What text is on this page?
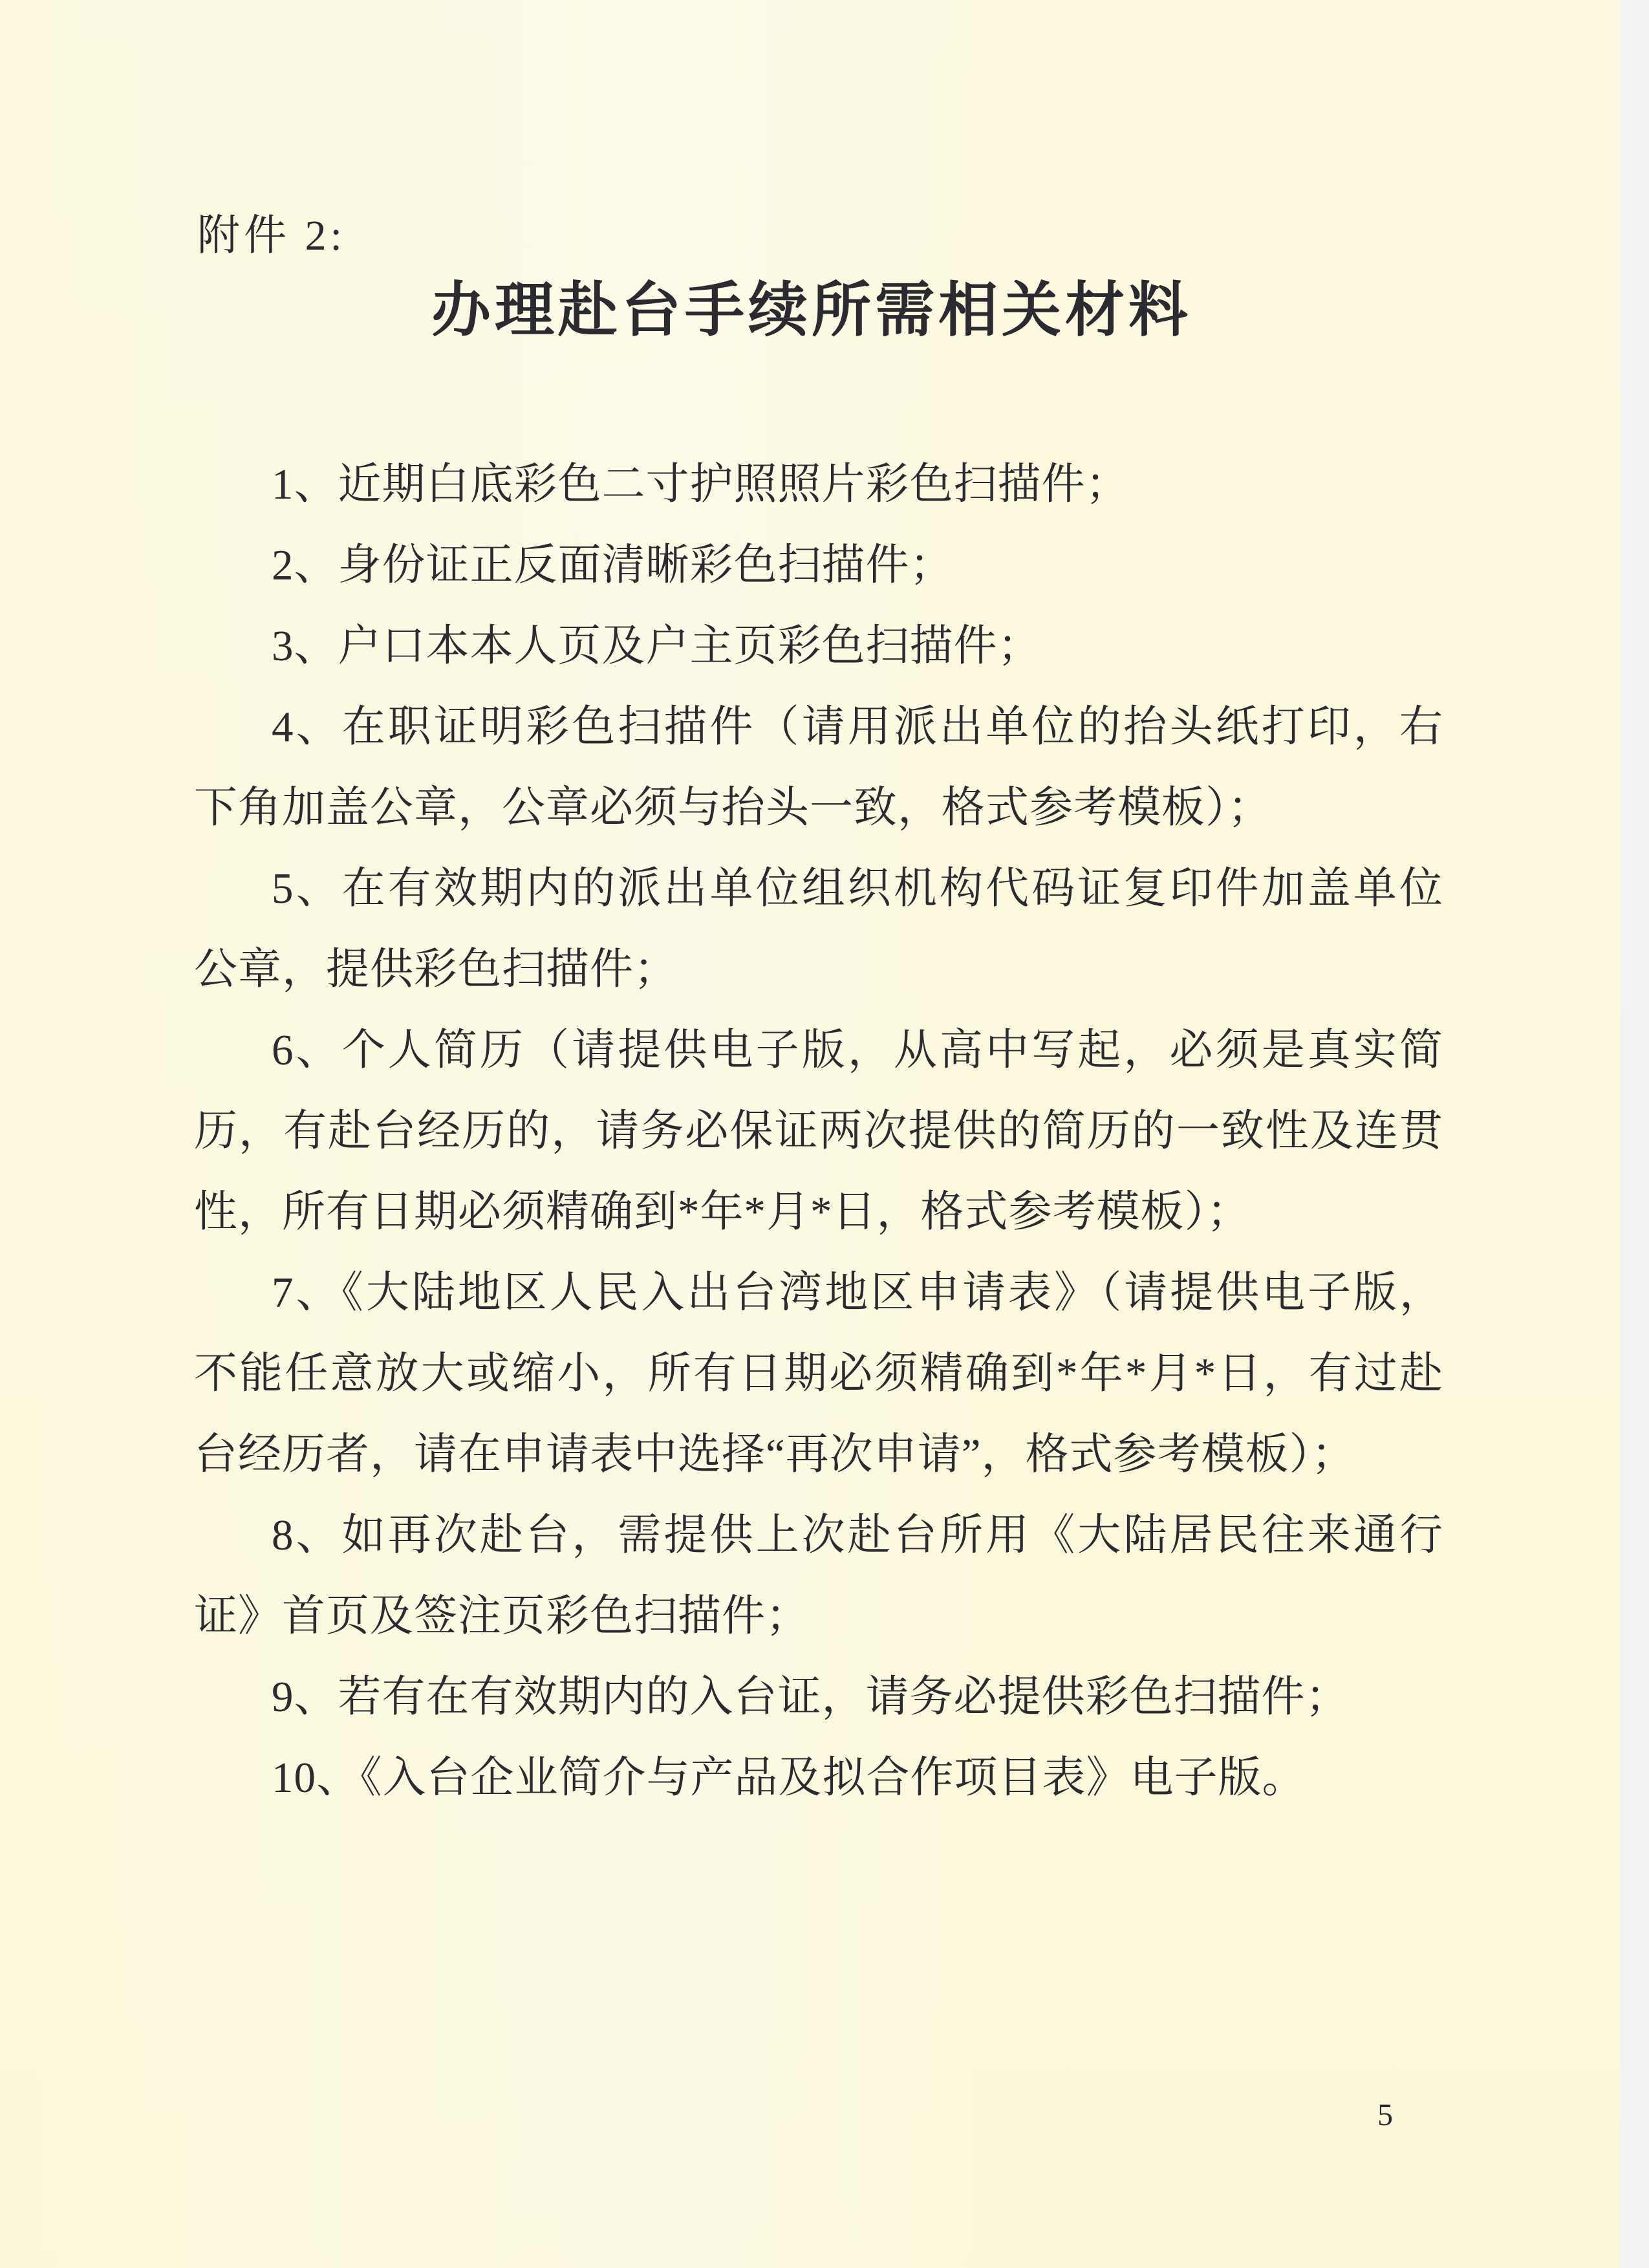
附件 2:
办理赴台手续所需相关材料
1、近期白底彩色二寸护照照片彩色扫描件；
2、身份证正反面清晰彩色扫描件；
3、户口本本人页及户主页彩色扫描件；
4、在职证明彩色扫描件（请用派出单位的抬头纸打印，右
下角加盖公章，公章必须与抬头一致，格式参考模板）；
5、在有效期内的派出单位组织机构代码证复印件加盖单位
公章，提供彩色扫描件；
6、个人简历（请提供电子版，从高中写起，必须是真实简
历，有赴台经历的，请务必保证两次提供的简历的一致性及连贯
性，所有日期必须精确到*年*月*日，格式参考模板）；
7、《大陆地区人民入出台湾地区申请表》（请提供电子版，
不能任意放大或缩小，所有日期必须精确到*年*月*日，有过赴
台经历者，请在申请表中选择“再次申请”，格式参考模板）；
8、如再次赴台，需提供上次赴台所用《大陆居民往来通行
证》首页及签注页彩色扫描件；
9、若有在有效期内的入台证，请务必提供彩色扫描件；
10、《入台企业简介与产品及拟合作项目表》电子版。
5
